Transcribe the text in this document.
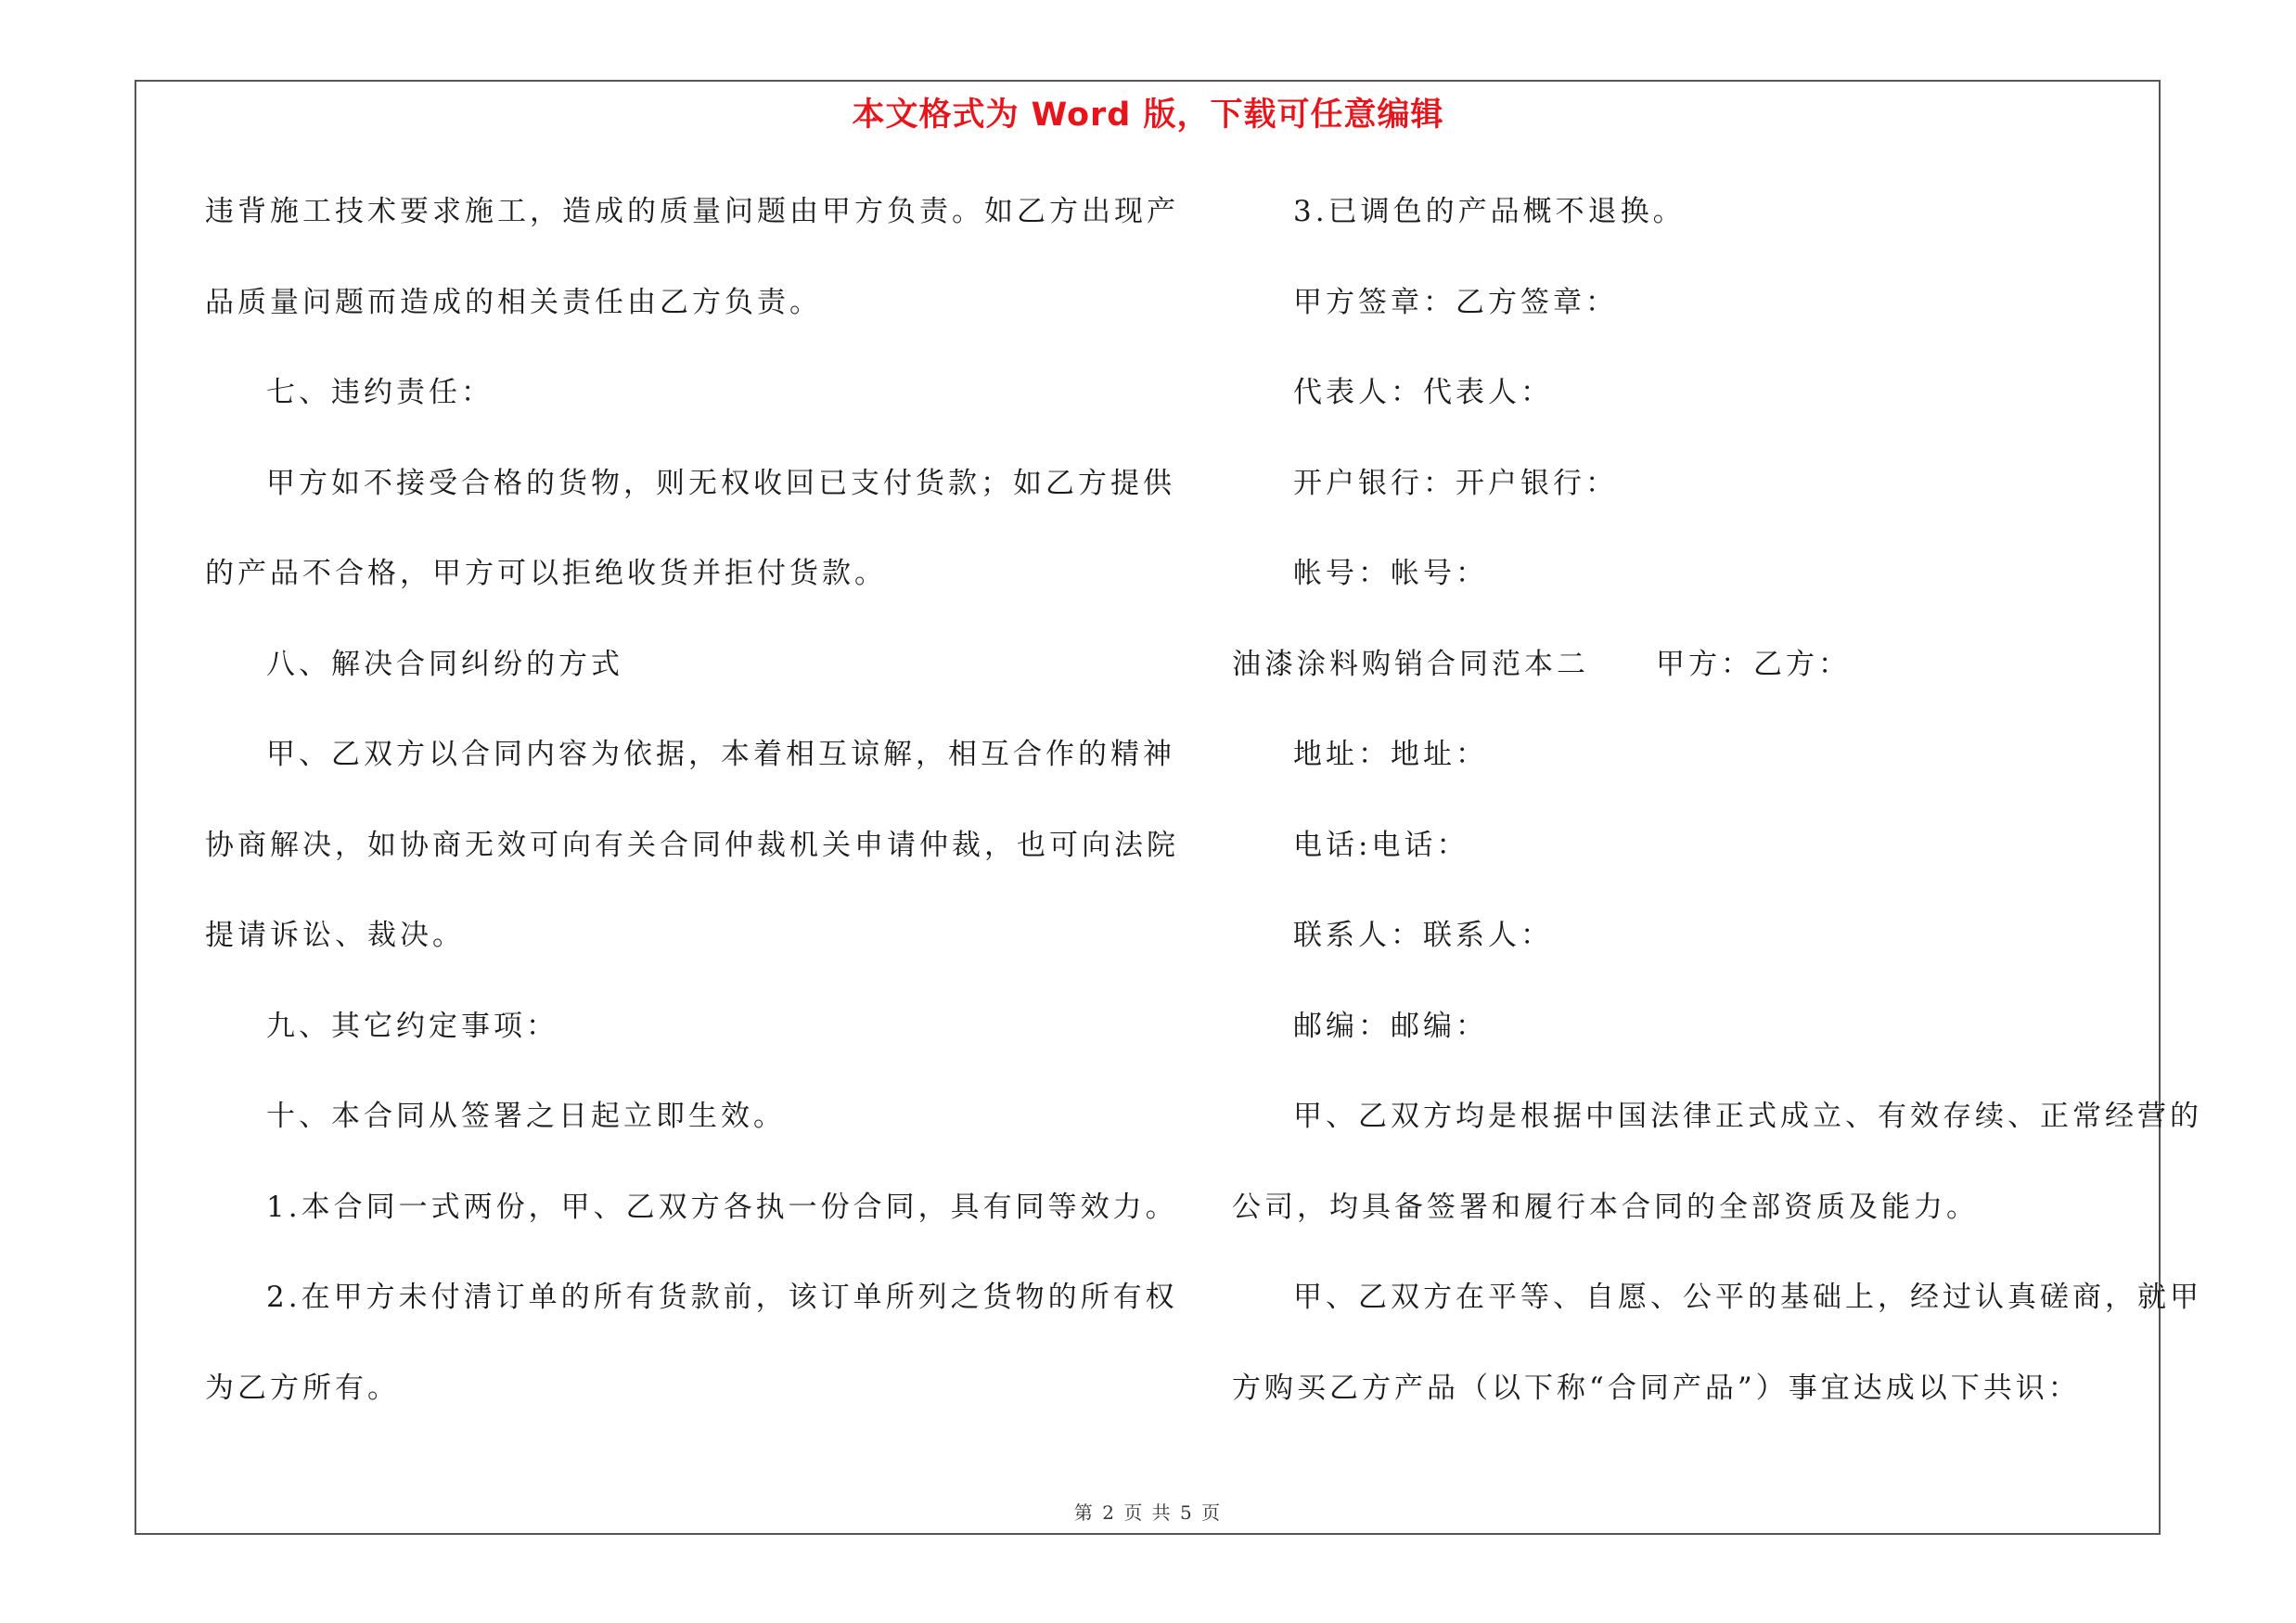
本文格式为 Word 版，下载可任意编辑
违背施工技术要求施工，造成的质量问题由甲方负责。如乙方出现产
品质量问题而造成的相关责任由乙方负责。
七、违约责任：
甲方如不接受合格的货物，则无权收回已支付货款；如乙方提供
的产品不合格，甲方可以拒绝收货并拒付货款。
八、解决合同纠纷的方式
甲、乙双方以合同内容为依据，本着相互谅解，相互合作的精神
协商解决，如协商无效可向有关合同仲裁机关申请仲裁，也可向法院
提请诉讼、裁决。
九、其它约定事项：
十、本合同从签署之日起立即生效。
1.本合同一式两份，甲、乙双方各执一份合同，具有同等效力。
2.在甲方未付清订单的所有货款前，该订单所列之货物的所有权
为乙方所有。
3.已调色的产品概不退换。
甲方签章：乙方签章：
代表人：代表人：
开户银行：开户银行：
帐号：帐号：
油漆涂料购销合同范本二 甲方：乙方：
地址：地址：
电话:电话：
联系人：联系人：
邮编：邮编：
甲、乙双方均是根据中国法律正式成立、有效存续、正常经营的
公司，均具备签署和履行本合同的全部资质及能力。
甲、乙双方在平等、自愿、公平的基础上，经过认真磋商，就甲
方购买乙方产品（以下称“合同产品”）事宜达成以下共识：
第 2 页 共 5 页
